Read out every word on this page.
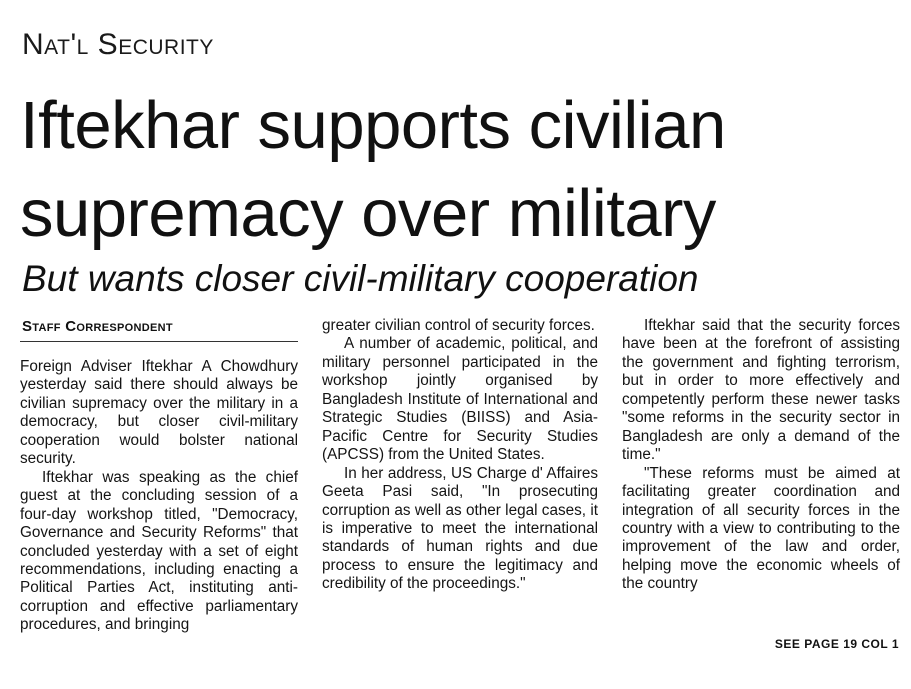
Nat'l Security
Iftekhar supports civilian supremacy over military
But wants closer civil-military cooperation
Staff Correspondent

Foreign Adviser Iftekhar A Chowdhury yesterday said there should always be civilian supremacy over the military in a democracy, but closer civil-military cooperation would bolster national security.

Iftekhar was speaking as the chief guest at the concluding session of a four-day workshop titled, "Democracy, Governance and Security Reforms" that concluded yesterday with a set of eight recommendations, including enacting a Political Parties Act, instituting anti-corruption and effective parliamentary procedures, and bringing

greater civilian control of security forces.

A number of academic, political, and military personnel participated in the workshop jointly organised by Bangladesh Institute of International and Strategic Studies (BIISS) and Asia-Pacific Centre for Security Studies (APCSS) from the United States.

In her address, US Charge d' Affaires Geeta Pasi said, "In prosecuting corruption as well as other legal cases, it is imperative to meet the international standards of human rights and due process to ensure the legitimacy and credibility of the proceedings."

Iftekhar said that the security forces have been at the forefront of assisting the government and fighting terrorism, but in order to more effectively and competently perform these newer tasks "some reforms in the security sector in Bangladesh are only a demand of the time."

"These reforms must be aimed at facilitating greater coordination and integration of all security forces in the country with a view to contributing to the improvement of the law and order, helping move the economic wheels of the country

SEE PAGE 19 COL 1
